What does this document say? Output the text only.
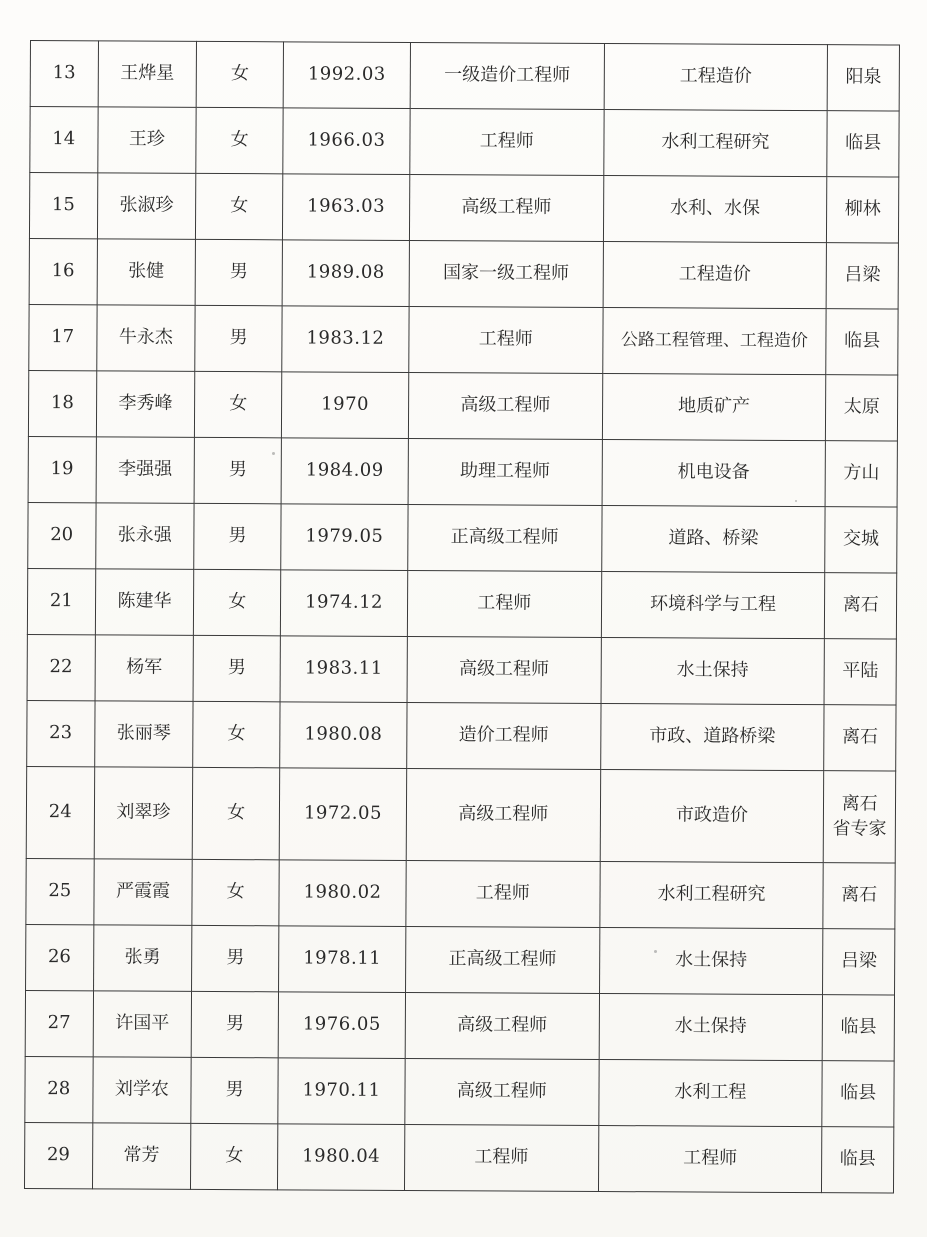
13	王烨星	女	1992.03	一级造价工程师	工程造价	阳泉

14	王珍	女	1966.03	工程师	水利工程研究	临县

15	张淑珍	女	1963.03	高级工程师	水利、水保	柳林

16	张健	男	1989.08	国家一级工程师	工程造价	吕梁

17	牛永杰	男	1983.12	工程师	公路工程管理、工程造价	临县

18	李秀峰	女	1970	高级工程师	地质矿产	太原

19	李强强	男	1984.09	助理工程师	机电设备	方山

20	张永强	男	1979.05	正高级工程师	道路、桥梁	交城

21	陈建华	女	1974.12	工程师	环境科学与工程	离石

22	杨军	男	1983.11	高级工程师	水土保持	平陆

23	张丽琴	女	1980.08	造价工程师	市政、道路桥梁	离石

24	刘翠珍	女	1972.05	高级工程师	市政造价	离石
省专家

25	严霞霞	女	1980.02	工程师	水利工程研究	离石

26	张勇	男	1978.11	正高级工程师	水土保持	吕梁

27	许国平	男	1976.05	高级工程师	水土保持	临县

28	刘学农	男	1970.11	高级工程师	水利工程	临县

29	常芳	女	1980.04	工程师	工程师	临县
